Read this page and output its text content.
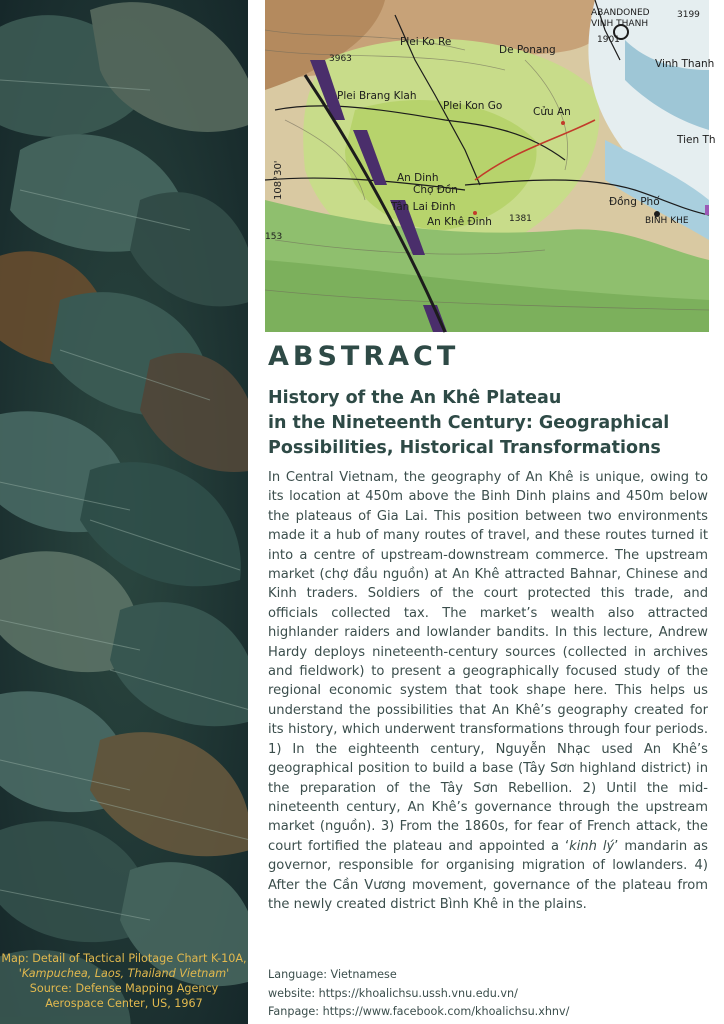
Map: Detail of Tactical Pilotage Chart K-10A,
'Kampuchea, Laos, Thailand Vietnam'
Source: Defense Mapping Agency
Aerospace Center, US, 1967
ABANDONED
VINH THANH
1901
3199
Plei Ko Re
De Ponang
Vinh Thanh
3963
Plei Brang Klah
Plei Kon Go	Cửu An
Tien Th
An Dinh
Chợ Đồn
Tân Lai Đinh
An Khê Đinh 1381
Đồng Phố
BINH KHE
153
108°30'
ABSTRACT
History of the An Khê Plateau
in the Nineteenth Century: Geographical
Possibilities, Historical Transformations
In Central Vietnam, the geography of An Khê is unique, owing to its location at 450m above the Binh Dinh plains and 450m below the plateaus of Gia Lai. This position between two environments made it a hub of many routes of travel, and these routes turned it into a centre of upstream-downstream commerce. The upstream market (chợ đầu nguồn) at An Khê attracted Bahnar, Chinese and Kinh traders. Soldiers of the court protected this trade, and officials collected tax. The market’s wealth also attracted highlander raiders and lowlander bandits. In this lecture, Andrew Hardy deploys nineteenth-century sources (collected in archives and fieldwork) to present a geographically focused study of the regional economic system that took shape here. This helps us understand the possibilities that An Khê’s geography created for its history, which underwent transformations through four periods. 1) In the eighteenth century, Nguyễn Nhạc used An Khê’s geographical position to build a base (Tây Sơn highland district) in the preparation of the Tây Sơn Rebellion. 2) Until the mid-nineteenth century, An Khê’s governance through the upstream market (nguồn). 3) From the 1860s, for fear of French attack, the court fortified the plateau and appointed a ‘kinh lý’ mandarin as governor, responsible for organising migration of lowlanders. 4) After the Cần Vương movement, governance of the plateau from the newly created district Bình Khê in the plains.
Language: Vietnamese
website: https://khoalichsu.ussh.vnu.edu.vn/
Fanpage: https://www.facebook.com/khoalichsu.xhnv/
